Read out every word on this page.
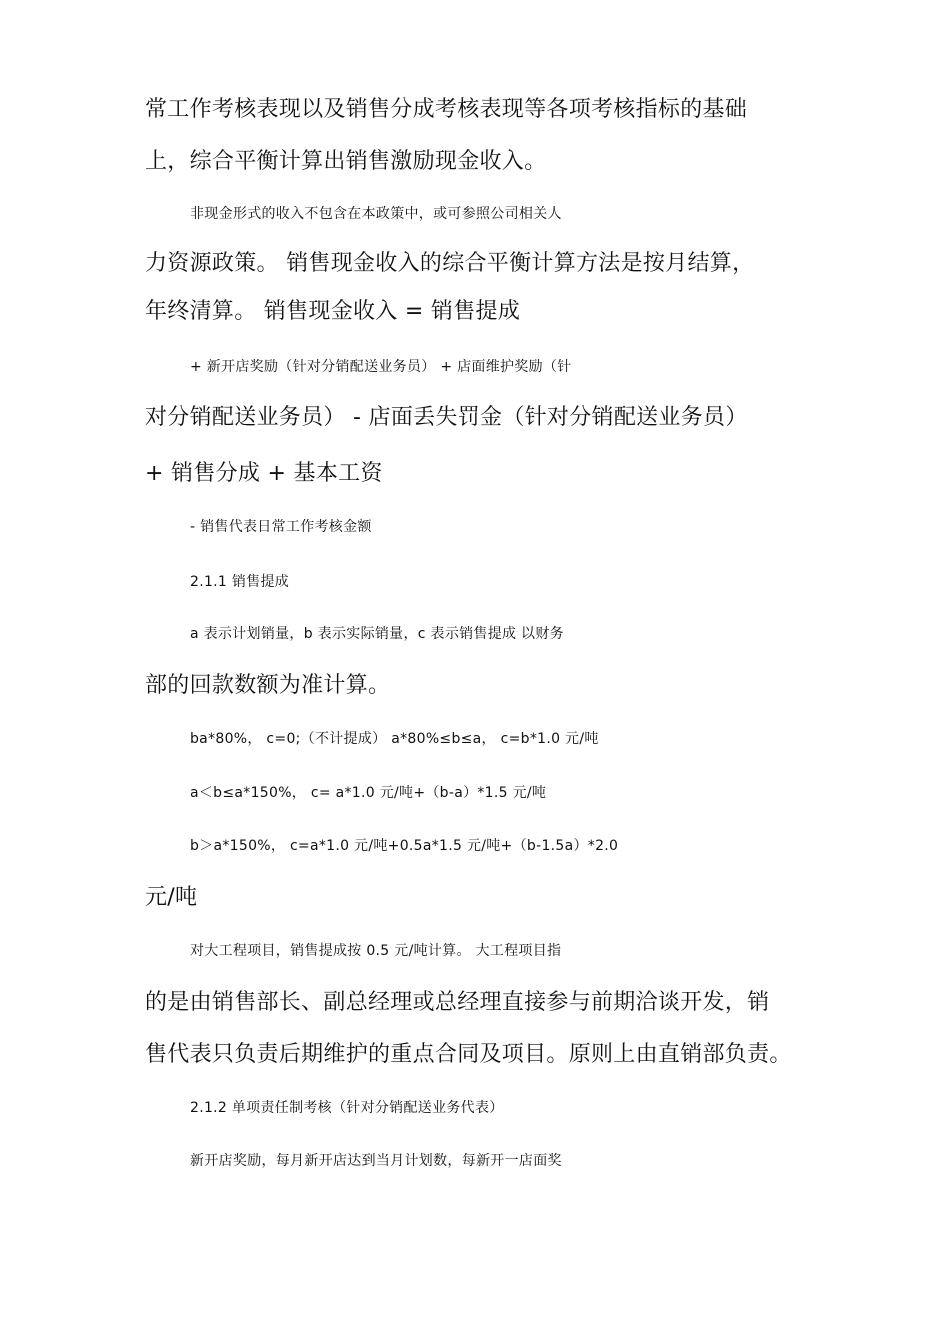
常工作考核表现以及销售分成考核表现等各项考核指标的基础
上，综合平衡计算出销售激励现金收入。
非现金形式的收入不包含在本政策中，或可参照公司相关人
力资源政策。 销售现金收入的综合平衡计算方法是按月结算，
年终清算。 销售现金收入 = 销售提成
+ 新开店奖励（针对分销配送业务员） + 店面维护奖励（针
对分销配送业务员） - 店面丢失罚金（针对分销配送业务员）
+ 销售分成 + 基本工资
- 销售代表日常工作考核金额
2.1.1 销售提成
a 表示计划销量，b 表示实际销量，c 表示销售提成 以财务
部的回款数额为准计算。
ba*80%， c=0;（不计提成） a*80%≤b≤a， c=b*1.0 元/吨
a＜b≤a*150%， c= a*1.0 元/吨+（b-a）*1.5 元/吨
b＞a*150%， c=a*1.0 元/吨+0.5a*1.5 元/吨+（b-1.5a）*2.0
元/吨
对大工程项目，销售提成按 0.5 元/吨计算。 大工程项目指
的是由销售部长、副总经理或总经理直接参与前期洽谈开发，销
售代表只负责后期维护的重点合同及项目。原则上由直销部负责。
2.1.2 单项责任制考核（针对分销配送业务代表）
新开店奖励，每月新开店达到当月计划数，每新开一店面奖
